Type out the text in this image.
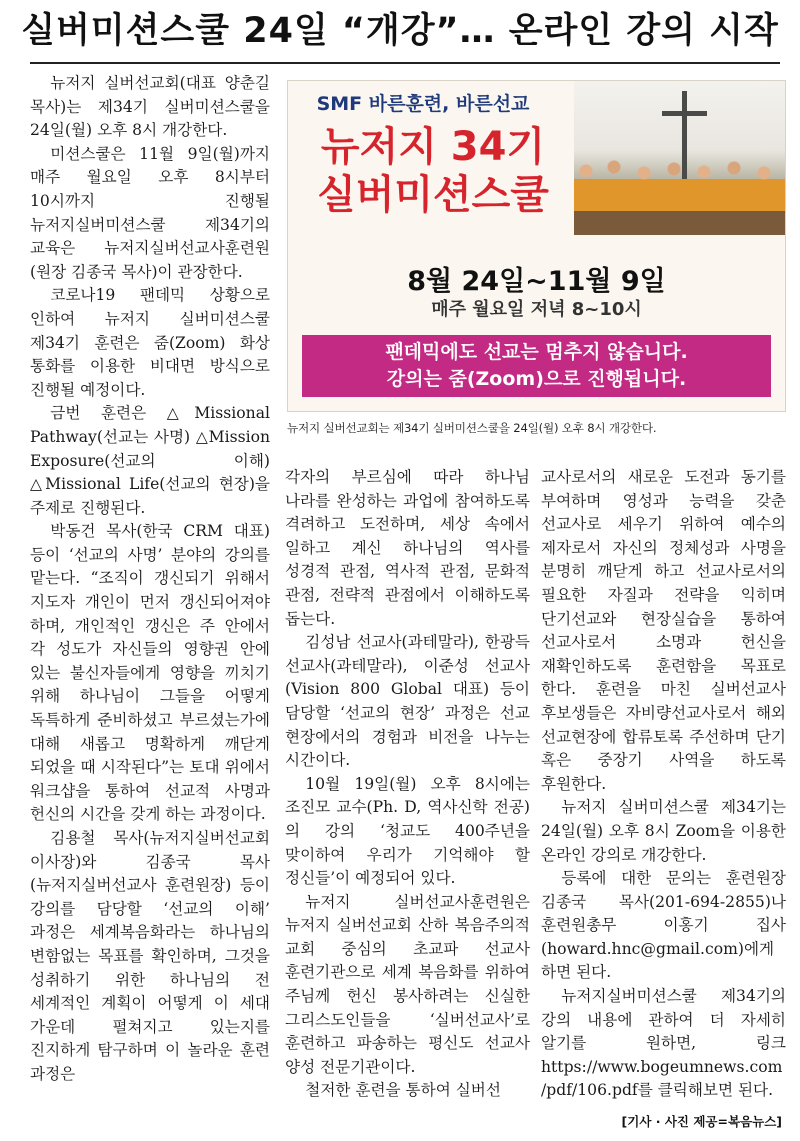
실버미션스쿨 24일 “개강”… 온라인 강의 시작

뉴저지 실버선교회(대표 양춘길 목사)는 제34기 실버미션스쿨을 24일(월) 오후 8시 개강한다.

미션스쿨은 11월 9일(월)까지 매주 월요일 오후 8시부터 10시까지 진행될 뉴저지실버미션스쿨 제34기의 교육은 뉴저지실버선교사훈련원(원장 김종국 목사)이 관장한다.

코로나19 팬데믹 상황으로 인하여 뉴저지 실버미션스쿨 제34기 훈련은 줌(Zoom) 화상 통화를 이용한 비대면 방식으로 진행될 예정이다.

금번 훈련은 △Missional Pathway(선교는 사명) △Mission Exposure(선교의 이해) △Missional Life(선교의 현장)을 주제로 진행된다.

박동건 목사(한국 CRM 대표) 등이 ‘선교의 사명’ 분야의 강의를 맡는다. “조직이 갱신되기 위해서 지도자 개인이 먼저 갱신되어져야 하며, 개인적인 갱신은 주 안에서 각 성도가 자신들의 영향권 안에 있는 불신자들에게 영향을 끼치기 위해 하나님이 그들을 어떻게 독특하게 준비하셨고 부르셨는가에 대해 새롭고 명확하게 깨닫게 되었을 때 시작된다”는 토대 위에서 워크샵을 통하여 선교적 사명과 헌신의 시간을 갖게 하는 과정이다.

김용철 목사(뉴저지실버선교회 이사장)와 김종국 목사(뉴저지실버선교사 훈련원장) 등이 강의를 담당할 ‘선교의 이해’ 과정은 세계복음화라는 하나님의 변함없는 목표를 확인하며, 그것을 성취하기 위한 하나님의 전 세계적인 계획이 어떻게 이 세대 가운데 펼쳐지고 있는지를 진지하게 탐구하며 이 놀라운 훈련 과정은

SMF 바른훈련, 바른선교
뉴저지 34기
실버미션스쿨
8월 24일~11월 9일
매주 월요일 저녁 8~10시
팬데믹에도 선교는 멈추지 않습니다.
강의는 줌(Zoom)으로 진행됩니다.
뉴저지 실버선교회는 제34기 실버미션스쿨을 24일(월) 오후 8시 개강한다.

각자의 부르심에 따라 하나님 나라를 완성하는 과업에 참여하도록 격려하고 도전하며, 세상 속에서 일하고 계신 하나님의 역사를 성경적 관점, 역사적 관점, 문화적 관점, 전략적 관점에서 이해하도록 돕는다.

김성남 선교사(과테말라), 한광득 선교사(과테말라), 이준성 선교사(Vision 800 Global 대표) 등이 담당할 ‘선교의 현장’ 과정은 선교 현장에서의 경험과 비전을 나누는 시간이다.

10월 19일(월) 오후 8시에는 조진모 교수(Ph. D, 역사신학 전공)의 강의 ‘청교도 400주년을 맞이하여 우리가 기억해야 할 정신들’이 예정되어 있다.

뉴저지 실버선교사훈련원은 뉴저지 실버선교회 산하 복음주의적 교회 중심의 초교파 선교사 훈련기관으로 세계 복음화를 위하여 주님께 헌신 봉사하려는 신실한 그리스도인들을 ‘실버선교사’로 훈련하고 파송하는 평신도 선교사 양성 전문기관이다.

철저한 훈련을 통하여 실버선

교사로서의 새로운 도전과 동기를 부여하며 영성과 능력을 갖춘 선교사로 세우기 위하여 예수의 제자로서 자신의 정체성과 사명을 분명히 깨닫게 하고 선교사로서의 필요한 자질과 전략을 익히며 단기선교와 현장실습을 통하여 선교사로서 소명과 헌신을 재확인하도록 훈련함을 목표로 한다. 훈련을 마친 실버선교사 후보생들은 자비량선교사로서 해외 선교현장에 합류토록 주선하며 단기 혹은 중장기 사역을 하도록 후원한다.

뉴저지 실버미션스쿨 제34기는 24일(월) 오후 8시 Zoom을 이용한 온라인 강의로 개강한다.

등록에 대한 문의는 훈련원장 김종국 목사(201-694-2855)나 훈련원총무 이홍기 집사(howard.hnc@gmail.com)에게 하면 된다.

뉴저지실버미션스쿨 제34기의 강의 내용에 관하여 더 자세히 알기를 원하면, 링크 https://www.bogeumnews.com/pdf/106.pdf를 클릭해보면 된다.

[기사 · 사진 제공=복음뉴스]
